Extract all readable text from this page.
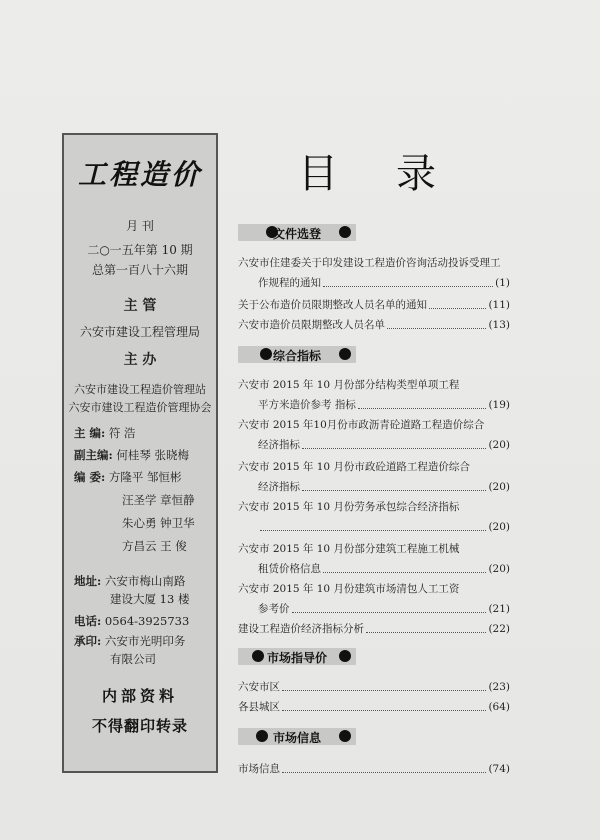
工程造价
月 刊
二○一五年第 10 期
总第一百八十六期
主 管
六安市建设工程管理局
主 办
六安市建设工程造价管理站
六安市建设工程造价管理协会
主 编: 符 浩
副主编: 何桂琴 张晓梅
编 委: 方隆平 邹恒彬
汪圣学 章恒静
朱心勇 钟卫华
方昌云 王 俊
地址: 六安市梅山南路
建设大厦 13 楼
电话: 0564-3925733
承印: 六安市光明印务
有限公司
内部资料
不得翻印转录
目录
文件选登
六安市住建委关于印发建设工程造价咨询活动投诉受理工
作规程的通知	(1)
关于公布造价员限期整改人员名单的通知	(11)
六安市造价员限期整改人员名单	(13)
综合指标
六安市 2015 年 10 月份部分结构类型单项工程
平方米造价参考 指标	(19)
六安市 2015 年10月份市政沥青砼道路工程造价综合
经济指标	(20)
六安市 2015 年 10 月份市政砼道路工程造价综合
经济指标	(20)
六安市 2015 年 10 月份劳务承包综合经济指标
(20)
六安市 2015 年 10 月份部分建筑工程施工机械
租赁价格信息	(20)
六安市 2015 年 10 月份建筑市场清包人工工资
参考价	(21)
建设工程造价经济指标分析	(22)
市场指导价
六安市区	(23)
各县城区	(64)
市场信息
市场信息	(74)
